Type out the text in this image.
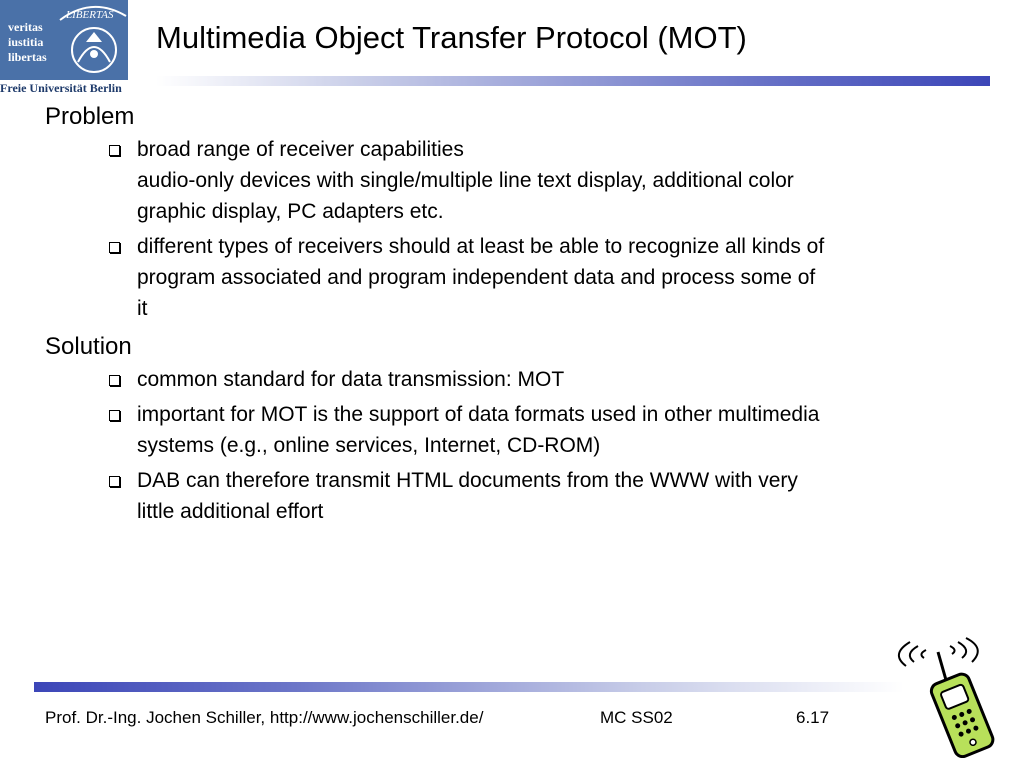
veritas
iustitia
libertas
LIBERTAS
Freie Universität Berlin
Multimedia Object Transfer Protocol (MOT)
Problem
broad range of receiver capabilities
audio-only devices with single/multiple line text display, additional color
graphic display, PC adapters etc.
different types of receivers should at least be able to recognize all kinds of
program associated and program independent data and process some of
it
Solution
common standard for data transmission: MOT
important for MOT is the support of data formats used in other multimedia
systems (e.g., online services, Internet, CD-ROM)
DAB can therefore transmit HTML documents from the WWW with very
little additional effort
Prof. Dr.-Ing. Jochen Schiller, http://www.jochenschiller.de/	MC SS02	6.17
